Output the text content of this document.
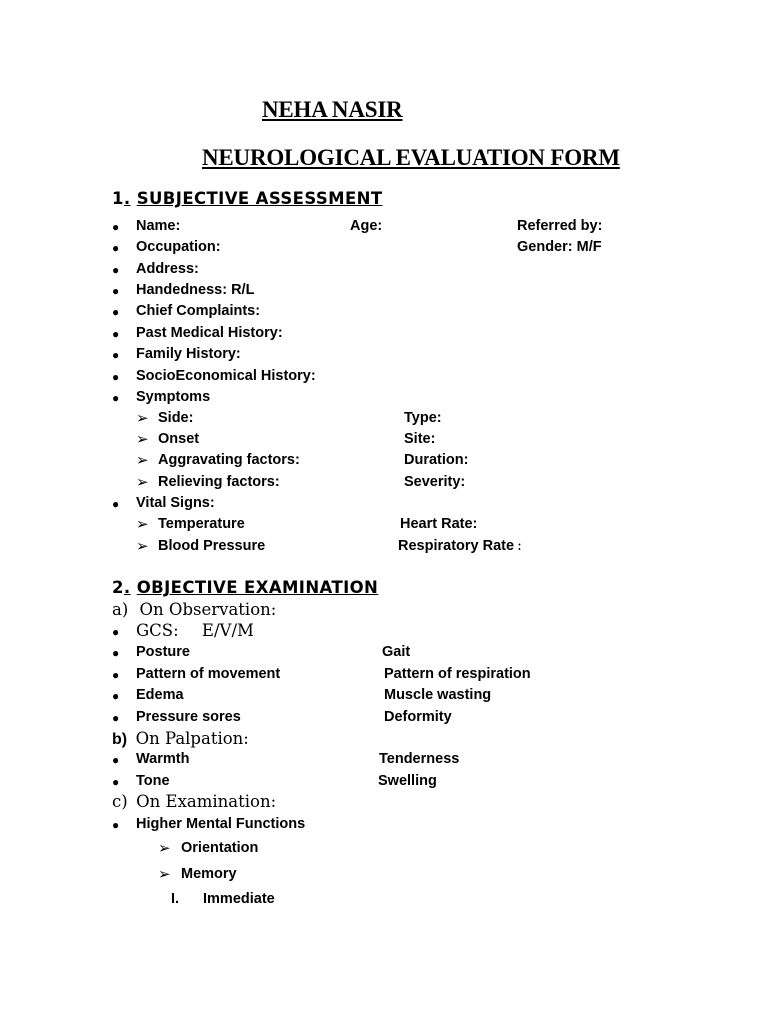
NEHA NASIR
NEUROLOGICAL EVALUATION FORM
1. SUBJECTIVE ASSESSMENT
● Name:	Age:	Referred by:
● Occupation:	Gender: M/F
● Address:
● Handedness: R/L
● Chief Complaints:
● Past Medical History:
● Family History:
● SocioEconomical History:
● Symptoms
➢ Side:	Type:
➢ Onset	Site:
➢ Aggravating factors:	Duration:
➢ Relieving factors:	Severity:
● Vital Signs:
➢ Temperature	Heart Rate:
➢ Blood Pressure	Respiratory Rate :
2. OBJECTIVE EXAMINATION
a) On Observation:
● GCS: E/V/M
● Posture	Gait
● Pattern of movement	Pattern of respiration
● Edema	Muscle wasting
● Pressure sores	Deformity
b) On Palpation:
● Warmth	Tenderness
● Tone	Swelling
c) On Examination:
● Higher Mental Functions
➢ Orientation
➢ Memory
I. Immediate
